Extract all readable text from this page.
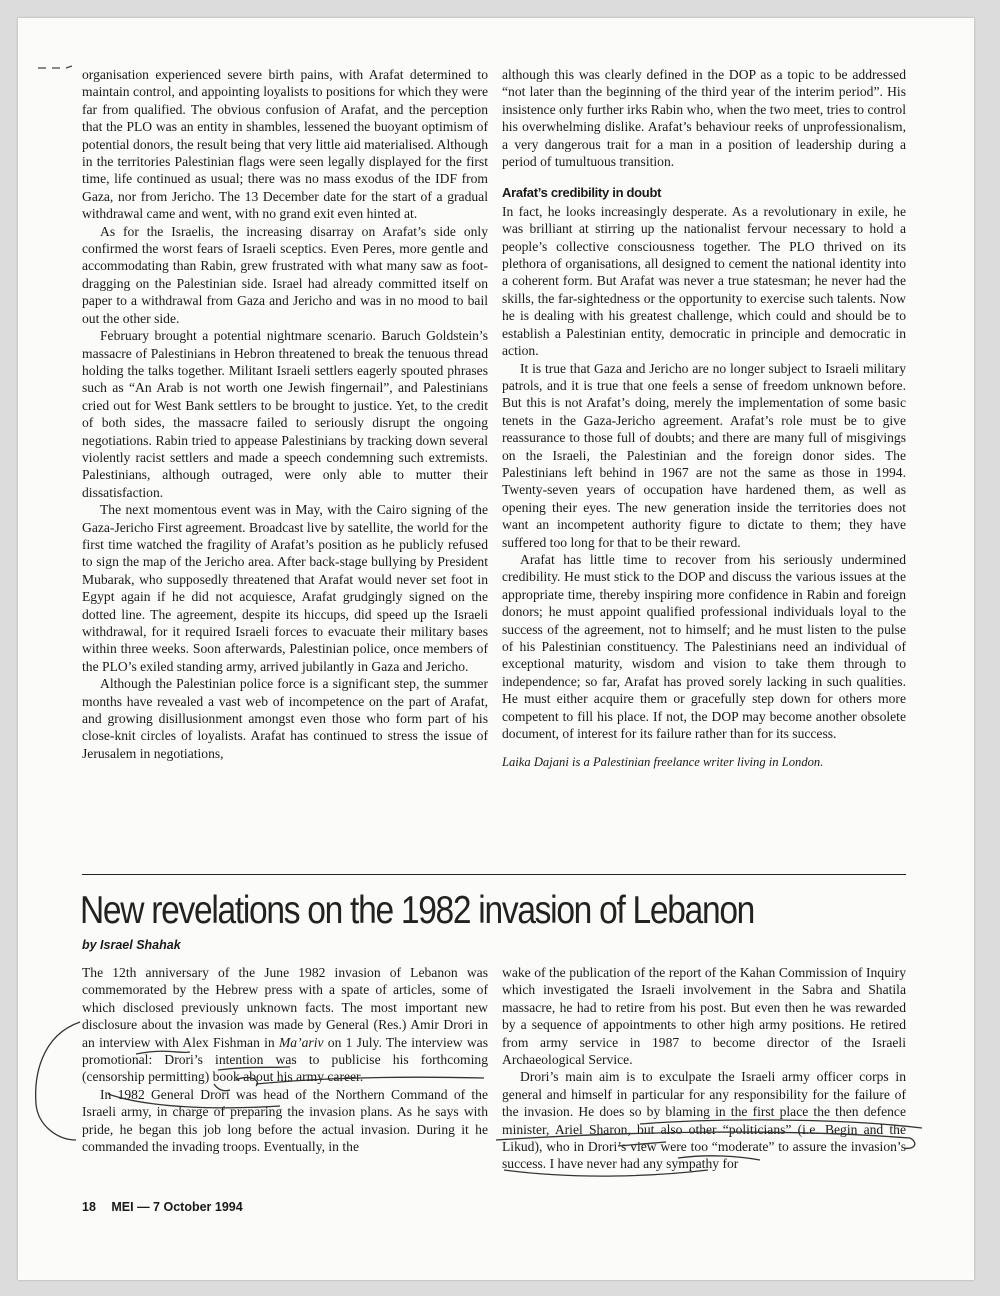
organisation experienced severe birth pains, with Arafat determined to maintain control, and appointing loyalists to positions for which they were far from qualified. The obvious confusion of Arafat, and the perception that the PLO was an entity in shambles, lessened the buoyant optimism of potential donors, the result being that very little aid materialised. Although in the territories Palestinian flags were seen legally displayed for the first time, life continued as usual; there was no mass exodus of the IDF from Gaza, nor from Jericho. The 13 December date for the start of a gradual withdrawal came and went, with no grand exit even hinted at.

As for the Israelis, the increasing disarray on Arafat’s side only confirmed the worst fears of Israeli sceptics. Even Peres, more gentle and accommodating than Rabin, grew frustrated with what many saw as foot-dragging on the Palestinian side. Israel had already committed itself on paper to a withdrawal from Gaza and Jericho and was in no mood to bail out the other side.

February brought a potential nightmare scenario. Baruch Goldstein’s massacre of Palestinians in Hebron threatened to break the tenuous thread holding the talks together. Militant Israeli settlers eagerly spouted phrases such as “An Arab is not worth one Jewish fingernail”, and Palestinians cried out for West Bank settlers to be brought to justice. Yet, to the credit of both sides, the massacre failed to seriously disrupt the ongoing negotiations. Rabin tried to appease Palestinians by tracking down several violently racist settlers and made a speech condemning such extremists. Palestinians, although outraged, were only able to mutter their dissatisfaction.

The next momentous event was in May, with the Cairo signing of the Gaza-Jericho First agreement. Broadcast live by satellite, the world for the first time watched the fragility of Arafat’s position as he publicly refused to sign the map of the Jericho area. After back-stage bullying by President Mubarak, who supposedly threatened that Arafat would never set foot in Egypt again if he did not acquiesce, Arafat grudgingly signed on the dotted line. The agreement, despite its hiccups, did speed up the Israeli withdrawal, for it required Israeli forces to evacuate their military bases within three weeks. Soon afterwards, Palestinian police, once members of the PLO’s exiled standing army, arrived jubilantly in Gaza and Jericho.

Although the Palestinian police force is a significant step, the summer months have revealed a vast web of incompetence on the part of Arafat, and growing disillusionment amongst even those who form part of his close-knit circles of loyalists. Arafat has continued to stress the issue of Jerusalem in negotiations,

although this was clearly defined in the DOP as a topic to be addressed “not later than the beginning of the third year of the interim period”. His insistence only further irks Rabin who, when the two meet, tries to control his overwhelming dislike. Arafat’s behaviour reeks of unprofessionalism, a very dangerous trait for a man in a position of leadership during a period of tumultuous transition.

Arafat’s credibility in doubt

In fact, he looks increasingly desperate. As a revolutionary in exile, he was brilliant at stirring up the nationalist fervour necessary to hold a people’s collective consciousness together. The PLO thrived on its plethora of organisations, all designed to cement the national identity into a coherent form. But Arafat was never a true statesman; he never had the skills, the far-sightedness or the opportunity to exercise such talents. Now he is dealing with his greatest challenge, which could and should be to establish a Palestinian entity, democratic in principle and democratic in action.

It is true that Gaza and Jericho are no longer subject to Israeli military patrols, and it is true that one feels a sense of freedom unknown before. But this is not Arafat’s doing, merely the implementation of some basic tenets in the Gaza-Jericho agreement. Arafat’s role must be to give reassurance to those full of doubts; and there are many full of misgivings on the Israeli, the Palestinian and the foreign donor sides. The Palestinians left behind in 1967 are not the same as those in 1994. Twenty-seven years of occupation have hardened them, as well as opening their eyes. The new generation inside the territories does not want an incompetent authority figure to dictate to them; they have suffered too long for that to be their reward.

Arafat has little time to recover from his seriously undermined credibility. He must stick to the DOP and discuss the various issues at the appropriate time, thereby inspiring more confidence in Rabin and foreign donors; he must appoint qualified professional individuals loyal to the success of the agreement, not to himself; and he must listen to the pulse of his Palestinian constituency. The Palestinians need an individual of exceptional maturity, wisdom and vision to take them through to independence; so far, Arafat has proved sorely lacking in such qualities. He must either acquire them or gracefully step down for others more competent to fill his place. If not, the DOP may become another obsolete document, of interest for its failure rather than for its success.

Laika Dajani is a Palestinian freelance writer living in London.

New revelations on the 1982 invasion of Lebanon
by Israel Shahak

The 12th anniversary of the June 1982 invasion of Lebanon was commemorated by the Hebrew press with a spate of articles, some of which disclosed previously unknown facts. The most important new disclosure about the invasion was made by General (Res.) Amir Drori in an interview with Alex Fishman in Ma’ariv on 1 July. The interview was promotional: Drori’s intention was to publicise his forthcoming (censorship permitting) book about his army career.

In 1982 General Drori was head of the Northern Command of the Israeli army, in charge of preparing the invasion plans. As he says with pride, he began this job long before the actual invasion. During it he commanded the invading troops. Eventually, in the

wake of the publication of the report of the Kahan Commission of Inquiry which investigated the Israeli involvement in the Sabra and Shatila massacre, he had to retire from his post. But even then he was rewarded by a sequence of appointments to other high army positions. He retired from army service in 1987 to become director of the Israeli Archaeological Service.

Drori’s main aim is to exculpate the Israeli army officer corps in general and himself in particular for any responsibility for the failure of the invasion. He does so by blaming in the first place the then defence minister, Ariel Sharon, but also other “politicians” (i.e. Begin and the Likud), who in Drori’s view were too “moderate” to assure the invasion’s success. I have never had any sympathy for

18 MEI — 7 October 1994
